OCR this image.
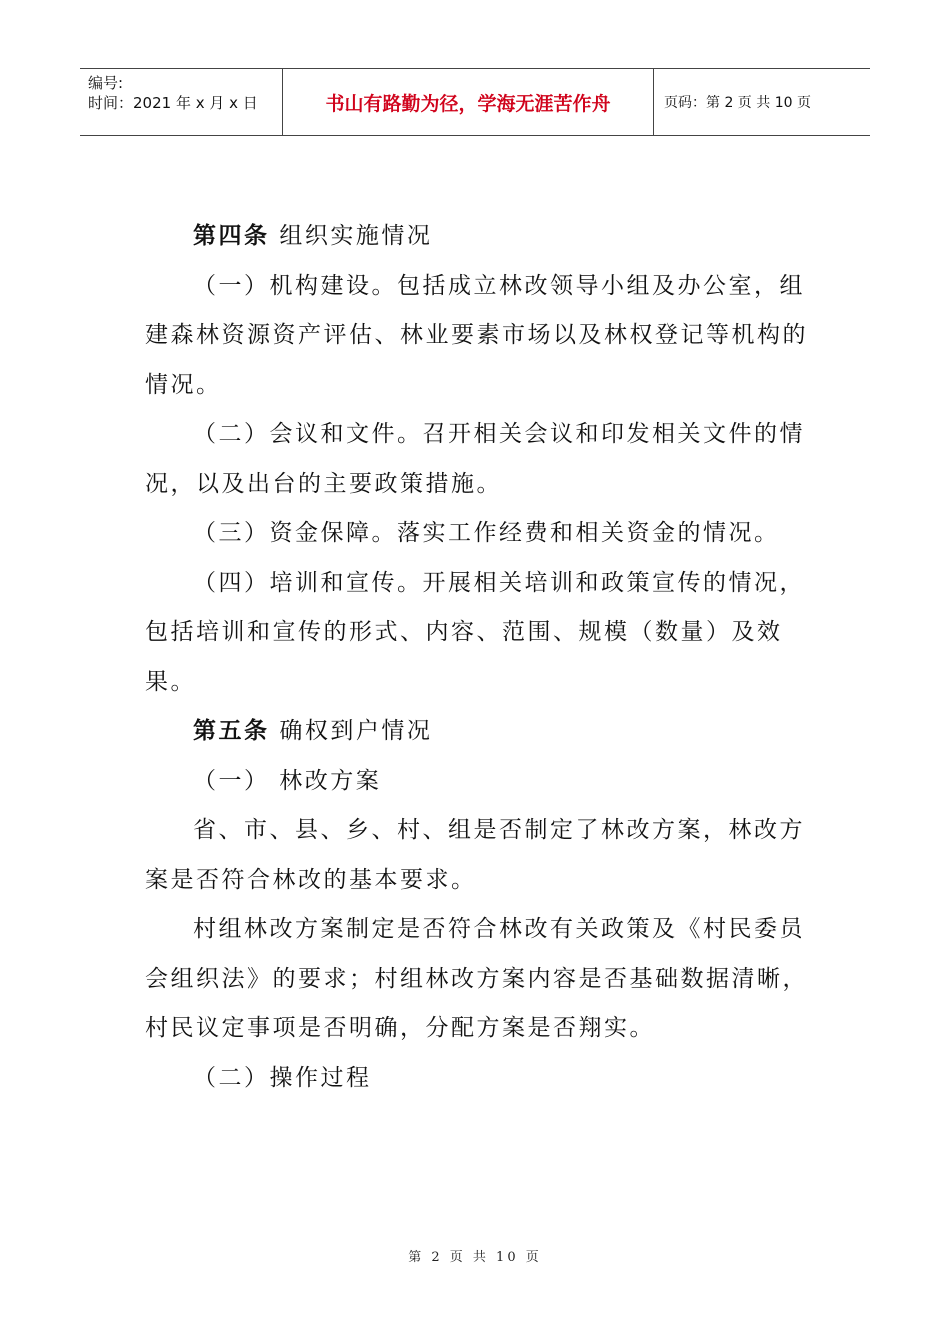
编号:
时间：2021 年 x 月 x 日	书山有路勤为径，学海无涯苦作舟	页码：第 2 页 共 10 页

第四条 组织实施情况

（一）机构建设。包括成立林改领导小组及办公室，组建森林资源资产评估、林业要素市场以及林权登记等机构的情况。

（二）会议和文件。召开相关会议和印发相关文件的情况，以及出台的主要政策措施。

（三）资金保障。落实工作经费和相关资金的情况。

（四）培训和宣传。开展相关培训和政策宣传的情况，包括培训和宣传的形式、内容、范围、规模（数量）及效果。

第五条 确权到户情况

（一） 林改方案

省、市、县、乡、村、组是否制定了林改方案，林改方案是否符合林改的基本要求。

村组林改方案制定是否符合林改有关政策及《村民委员会组织法》的要求；村组林改方案内容是否基础数据清晰，村民议定事项是否明确，分配方案是否翔实。

（二）操作过程

第 2 页 共 10 页
